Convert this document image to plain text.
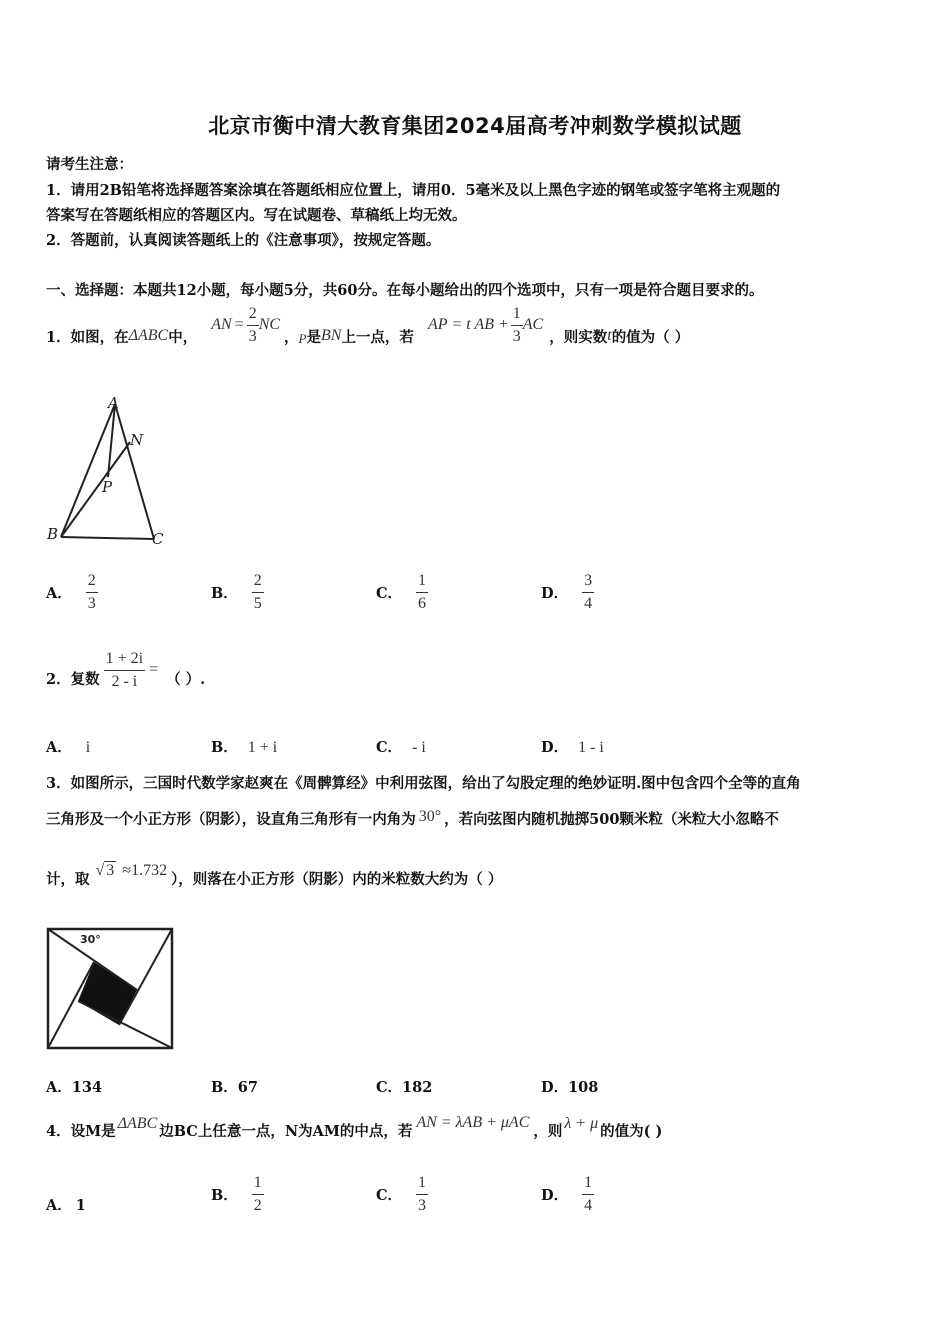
北京市衡中清大教育集团2024届高考冲刺数学模拟试题
请考生注意：
1．请用2B铅笔将选择题答案涂填在答题纸相应位置上，请用0．5毫米及以上黑色字迹的钢笔或签字笔将主观题的
答案写在答题纸相应的答题区内。写在试题卷、草稿纸上均无效。
2．答题前，认真阅读答题纸上的《注意事项》，按规定答题。
一、选择题：本题共12小题，每小题5分，共60分。在每小题给出的四个选项中，只有一项是符合题目要求的。
1．如图，在 ΔABC 中，
AN = $\frac{2}{3}$ NC
， P 是 BN 上一点，若
AP = t AB + $\frac{1}{3}$ AC
，则实数 t 的值为（ ）
A
N
P
B	C
A． $\frac{2}{3}$	B． $\frac{2}{5}$	C． $\frac{1}{6}$	D． $\frac{3}{4}$
2．复数 $\frac{1 + 2i}{2 - i}$ =
（ ）.
A． i	B． 1 + i	C． - i	D． 1 - i
3．如图所示，三国时代数学家赵爽在《周髀算经》中利用弦图，给出了勾股定理的绝妙证明.图中包含四个全等的直角
三角形及一个小正方形（阴影），设直角三角形有一内角为 30° ，若向弦图内随机抛掷500颗米粒（米粒大小忽略不
计，取 √ 3 ≈1.732 ），则落在小正方形（阴影）内的米粒数大约为（ ）
30°
A．134	B．67	C．182	D．108
4．设M是 ΔABC 边BC上任意一点，N为AM的中点，若 AN = λAB + μAC ，则 λ + μ 的值为( )
A． 1
B． $\frac{1}{2}$	C． $\frac{1}{3}$	D． $\frac{1}{4}$
